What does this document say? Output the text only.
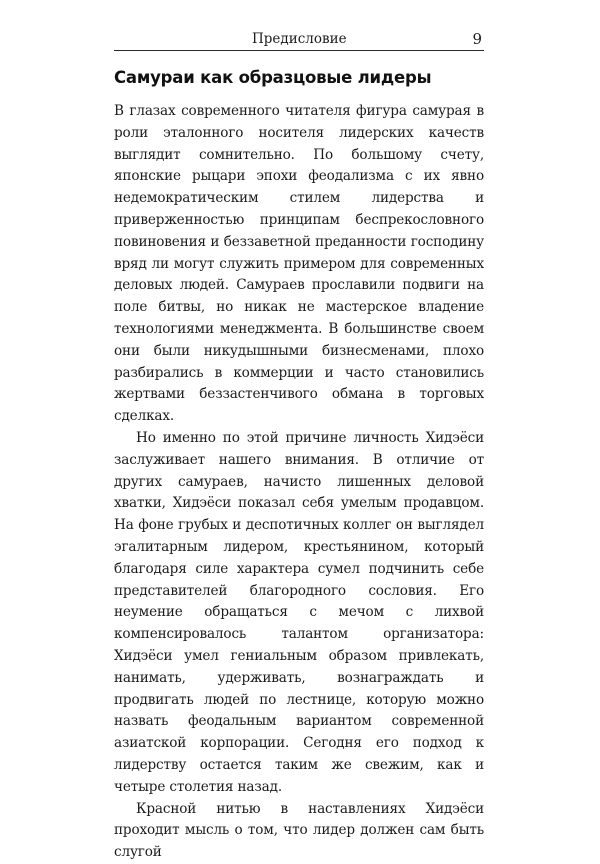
Предисловие	9
Самураи как образцовые лидеры

В глазах современного читателя фигура самурая в роли эталонного носителя лидерских качеств выглядит сомнительно. По большому счету, японские рыцари эпохи феодализма с их явно недемократическим стилем лидерства и приверженностью принципам беспрекословного повиновения и беззаветной преданности господину вряд ли могут служить примером для современных деловых людей. Самураев прославили подвиги на поле битвы, но никак не мастерское владение технологиями менеджмента. В большинстве своем они были никудышными бизнесменами, плохо разбирались в коммерции и часто становились жертвами беззастенчивого обмана в торговых сделках.

Но именно по этой причине личность Хидэёси заслуживает нашего внимания. В отличие от других самураев, начисто лишенных деловой хватки, Хидэёси показал себя умелым продавцом. На фоне грубых и деспотичных коллег он выглядел эгалитарным лидером, крестьянином, который благодаря силе характера сумел подчинить себе представителей благородного сословия. Его неумение обращаться с мечом с лихвой компенсировалось талантом организатора: Хидэёси умел гениальным образом привлекать, нанимать, удерживать, вознаграждать и продвигать людей по лестнице, которую можно назвать феодальным вариантом современной азиатской корпорации. Сегодня его подход к лидерству остается таким же свежим, как и четыре столетия назад.

Красной нитью в наставлениях Хидэёси проходит мысль о том, что лидер должен сам быть слугой
